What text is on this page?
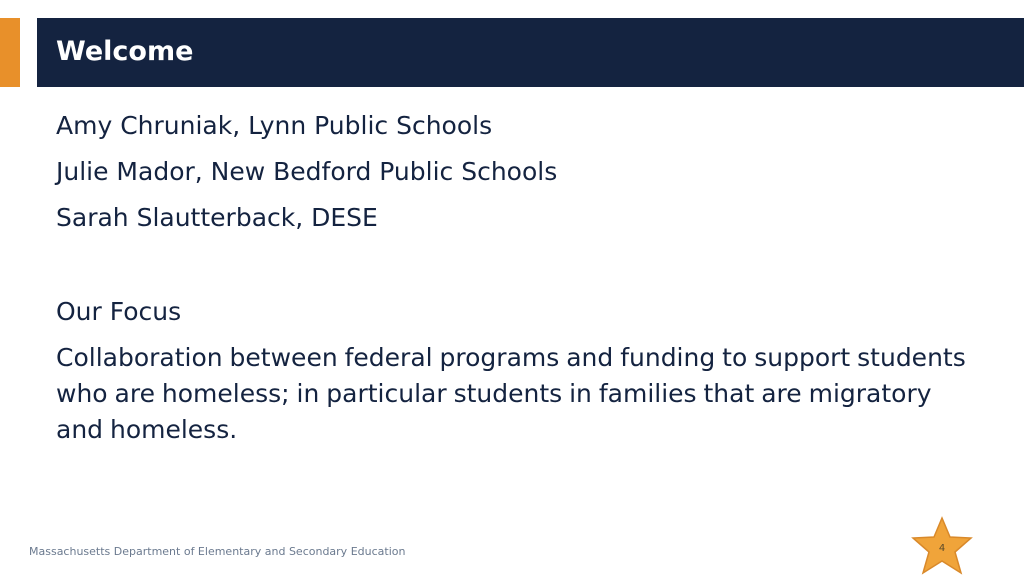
Welcome
Amy Chruniak, Lynn Public Schools
Julie Mador, New Bedford Public Schools
Sarah Slautterback, DESE
Our Focus
Collaboration between federal programs and funding to support students who are homeless; in particular students in families that are migratory and homeless.
Massachusetts Department of Elementary and Secondary Education	4
